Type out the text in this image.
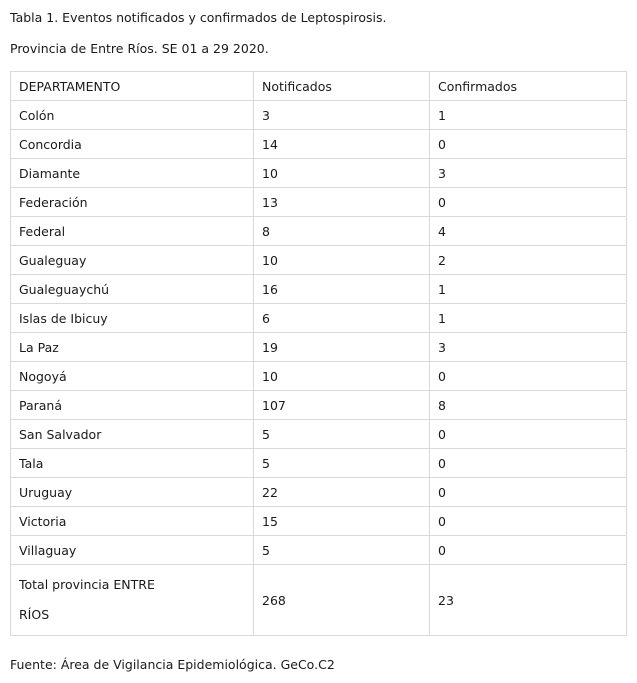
Tabla 1. Eventos notificados y confirmados de Leptospirosis.
Provincia de Entre Ríos. SE 01 a 29 2020.
DEPARTAMENTO	Notificados	Confirmados
Colón	3	1
Concordia	14	0
Diamante	10	3
Federación	13	0
Federal	8	4
Gualeguay	10	2
Gualeguaychú	16	1
Islas de Ibicuy	6	1
La Paz	19	3
Nogoyá	10	0
Paraná	107	8
San Salvador	5	0
Tala	5	0
Uruguay	22	0
Victoria	15	0
Villaguay	5	0

Total provincia ENTRE
RÍOS	268	23
Fuente: Área de Vigilancia Epidemiológica. GeCo.C2
